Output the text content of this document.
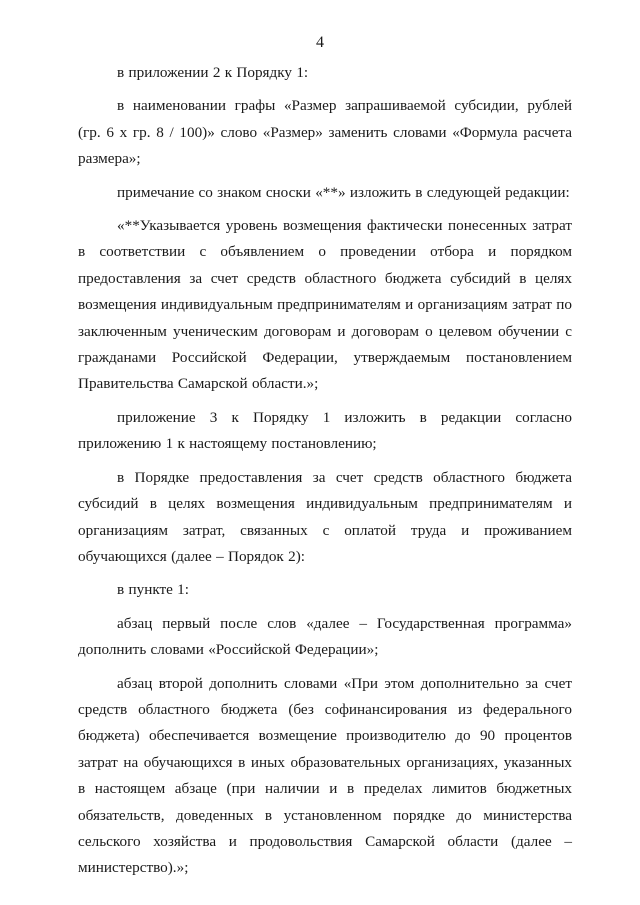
4

в приложении 2 к Порядку 1:

в наименовании графы «Размер запрашиваемой субсидии, рублей (гр. 6 х гр. 8 / 100)» слово «Размер» заменить словами «Формула расчета размера»;

примечание со знаком сноски «**» изложить в следующей редакции:

«**Указывается уровень возмещения фактически понесенных затрат в соответствии с объявлением о проведении отбора и порядком предоставления за счет средств областного бюджета субсидий в целях возмещения индивидуальным предпринимателям и организациям затрат по заключенным ученическим договорам и договорам о целевом обучении с гражданами Российской Федерации, утверждаемым постановлением Правительства Самарской области.»;

приложение 3 к Порядку 1 изложить в редакции согласно приложению 1 к настоящему постановлению;

в Порядке предоставления за счет средств областного бюджета субсидий в целях возмещения индивидуальным предпринимателям и организациям затрат, связанных с оплатой труда и проживанием обучающихся (далее – Порядок 2):

в пункте 1:

абзац первый после слов «далее – Государственная программа» дополнить словами «Российской Федерации»;

абзац второй дополнить словами «При этом дополнительно за счет средств областного бюджета (без софинансирования из федерального бюджета) обеспечивается возмещение производителю до 90 процентов затрат на обучающихся в иных образовательных организациях, указанных в настоящем абзаце (при наличии и в пределах лимитов бюджетных обязательств, доведенных в установленном порядке до министерства сельского хозяйства и продовольствия Самарской области (далее – министерство).»;
